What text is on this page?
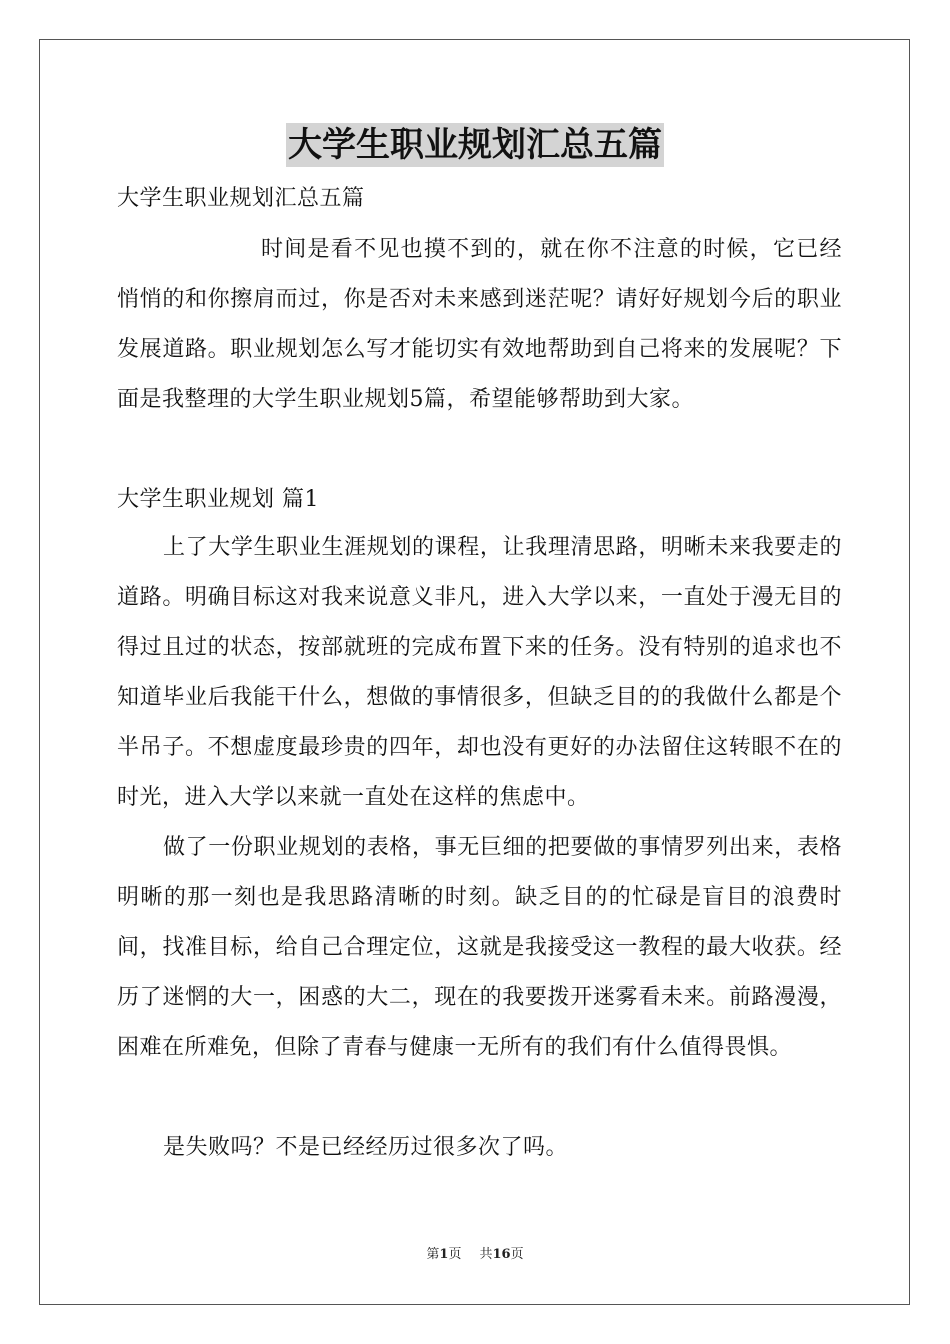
大学生职业规划汇总五篇
大学生职业规划汇总五篇
时间是看不见也摸不到的，就在你不注意的时候，它已经悄悄的和你擦肩而过，你是否对未来感到迷茫呢？请好好规划今后的职业发展道路。职业规划怎么写才能切实有效地帮助到自己将来的发展呢？下面是我整理的大学生职业规划5篇，希望能够帮助到大家。
大学生职业规划 篇1
上了大学生职业生涯规划的课程，让我理清思路，明晰未来我要走的道路。明确目标这对我来说意义非凡，进入大学以来，一直处于漫无目的得过且过的状态，按部就班的完成布置下来的任务。没有特别的追求也不知道毕业后我能干什么，想做的事情很多，但缺乏目的的我做什么都是个半吊子。不想虚度最珍贵的四年，却也没有更好的办法留住这转眼不在的时光，进入大学以来就一直处在这样的焦虑中。
做了一份职业规划的表格，事无巨细的把要做的事情罗列出来，表格明晰的那一刻也是我思路清晰的时刻。缺乏目的的忙碌是盲目的浪费时间，找准目标，给自己合理定位，这就是我接受这一教程的最大收获。经历了迷惘的大一，困惑的大二，现在的我要拨开迷雾看未来。前路漫漫，困难在所难免，但除了青春与健康一无所有的我们有什么值得畏惧。
是失败吗？不是已经经历过很多次了吗。
第1页 共16页
